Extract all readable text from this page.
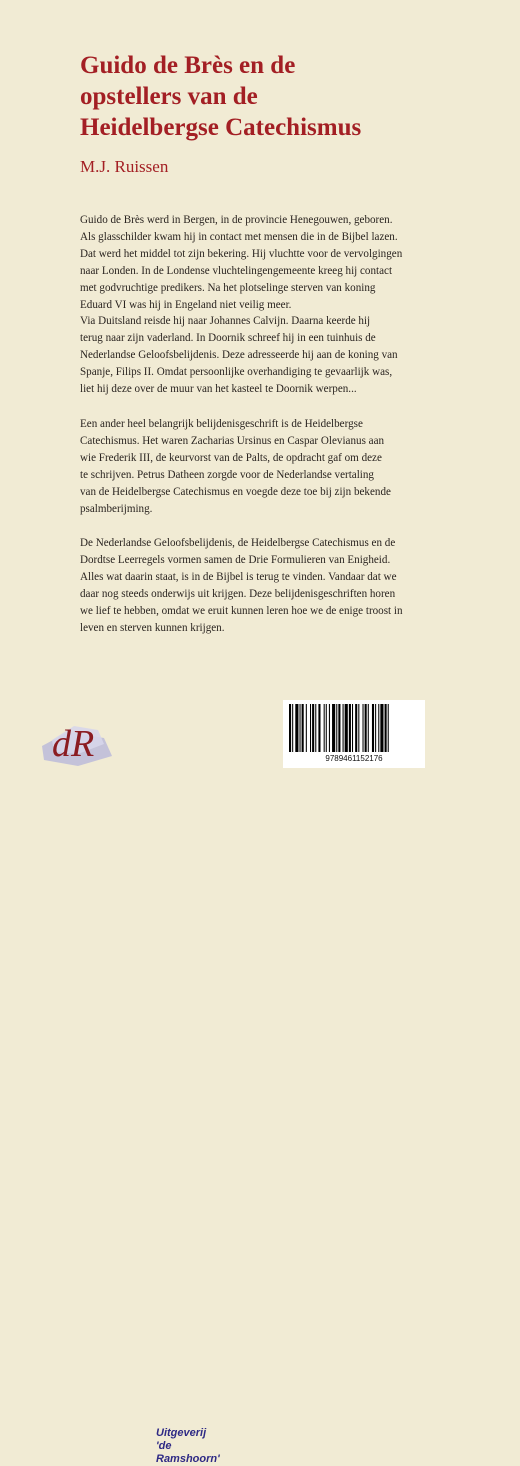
Guido de Brès en de
opstellers van de
Heidelbergse Catechismus

M.J. Ruissen

Guido de Brès werd in Bergen, in de provincie Henegouwen, geboren.
Als glasschilder kwam hij in contact met mensen die in de Bijbel lazen.
Dat werd het middel tot zijn bekering. Hij vluchtte voor de vervolgingen
naar Londen. In de Londense vluchtelingengemeente kreeg hij contact
met godvruchtige predikers. Na het plotselinge sterven van koning
Eduard VI was hij in Engeland niet veilig meer.
Via Duitsland reisde hij naar Johannes Calvijn. Daarna keerde hij
terug naar zijn vaderland. In Doornik schreef hij in een tuinhuis de
Nederlandse Geloofsbelijdenis. Deze adresseerde hij aan de koning van
Spanje, Filips II. Omdat persoonlijke overhandiging te gevaarlijk was,
liet hij deze over de muur van het kasteel te Doornik werpen...

Een ander heel belangrijk belijdenisgeschrift is de Heidelbergse
Catechismus. Het waren Zacharias Ursinus en Caspar Olevianus aan
wie Frederik III, de keurvorst van de Palts, de opdracht gaf om deze
te schrijven. Petrus Datheen zorgde voor de Nederlandse vertaling
van de Heidelbergse Catechismus en voegde deze toe bij zijn bekende
psalmberijming.

De Nederlandse Geloofsbelijdenis, de Heidelbergse Catechismus en de
Dordtse Leerregels vormen samen de Drie Formulieren van Enigheid.
Alles wat daarin staat, is in de Bijbel is terug te vinden. Vandaar dat we
daar nog steeds onderwijs uit krijgen. Deze belijdenisgeschriften horen
we lief te hebben, omdat we eruit kunnen leren hoe we de enige troost in
leven en sterven kunnen krijgen.

dR
Uitgeverij
'de Ramshoorn'
9789461152176
